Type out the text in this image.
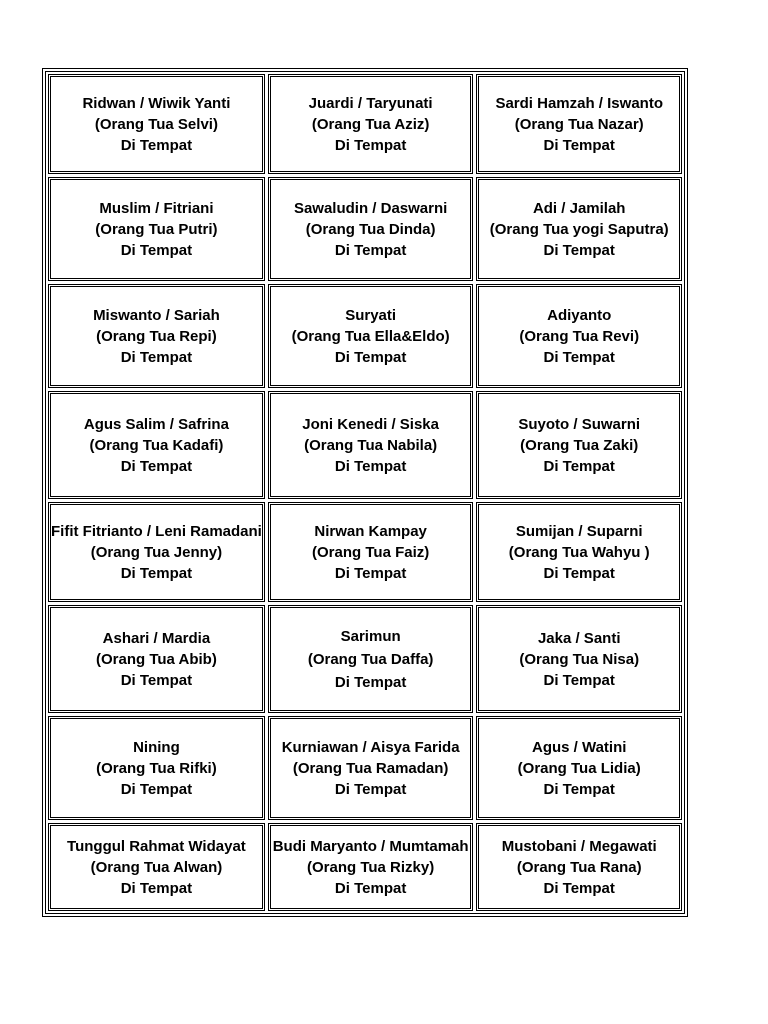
Ridwan / Wiwik Yanti
(Orang Tua Selvi)
Di Tempat
Juardi / Taryunati
(Orang Tua Aziz)
Di Tempat
Sardi Hamzah / Iswanto
(Orang Tua Nazar)
Di Tempat
Muslim / Fitriani
(Orang Tua Putri)
Di Tempat
Sawaludin / Daswarni
(Orang Tua Dinda)
Di Tempat
Adi / Jamilah
(Orang Tua yogi Saputra)
Di Tempat
Miswanto / Sariah
(Orang Tua Repi)
Di Tempat
Suryati
(Orang Tua Ella&Eldo)
Di Tempat
Adiyanto
(Orang Tua Revi)
Di Tempat
Agus Salim / Safrina
(Orang Tua Kadafi)
Di Tempat
Joni Kenedi / Siska
(Orang Tua Nabila)
Di Tempat
Suyoto / Suwarni
(Orang Tua Zaki)
Di Tempat
Fifit Fitrianto / Leni Ramadani
(Orang Tua Jenny)
Di Tempat
Nirwan Kampay
(Orang Tua Faiz)
Di Tempat
Sumijan / Suparni
(Orang Tua Wahyu )
Di Tempat
Ashari / Mardia
(Orang Tua Abib)
Di Tempat
Sarimun
(Orang Tua Daffa)
Di Tempat
Jaka / Santi
(Orang Tua Nisa)
Di Tempat
Nining
(Orang Tua Rifki)
Di Tempat
Kurniawan / Aisya Farida
(Orang Tua Ramadan)
Di Tempat
Agus / Watini
(Orang Tua Lidia)
Di Tempat
Tunggul Rahmat Widayat
(Orang Tua Alwan)
Di Tempat
Budi Maryanto / Mumtamah
(Orang Tua Rizky)
Di Tempat
Mustobani / Megawati
(Orang Tua Rana)
Di Tempat
